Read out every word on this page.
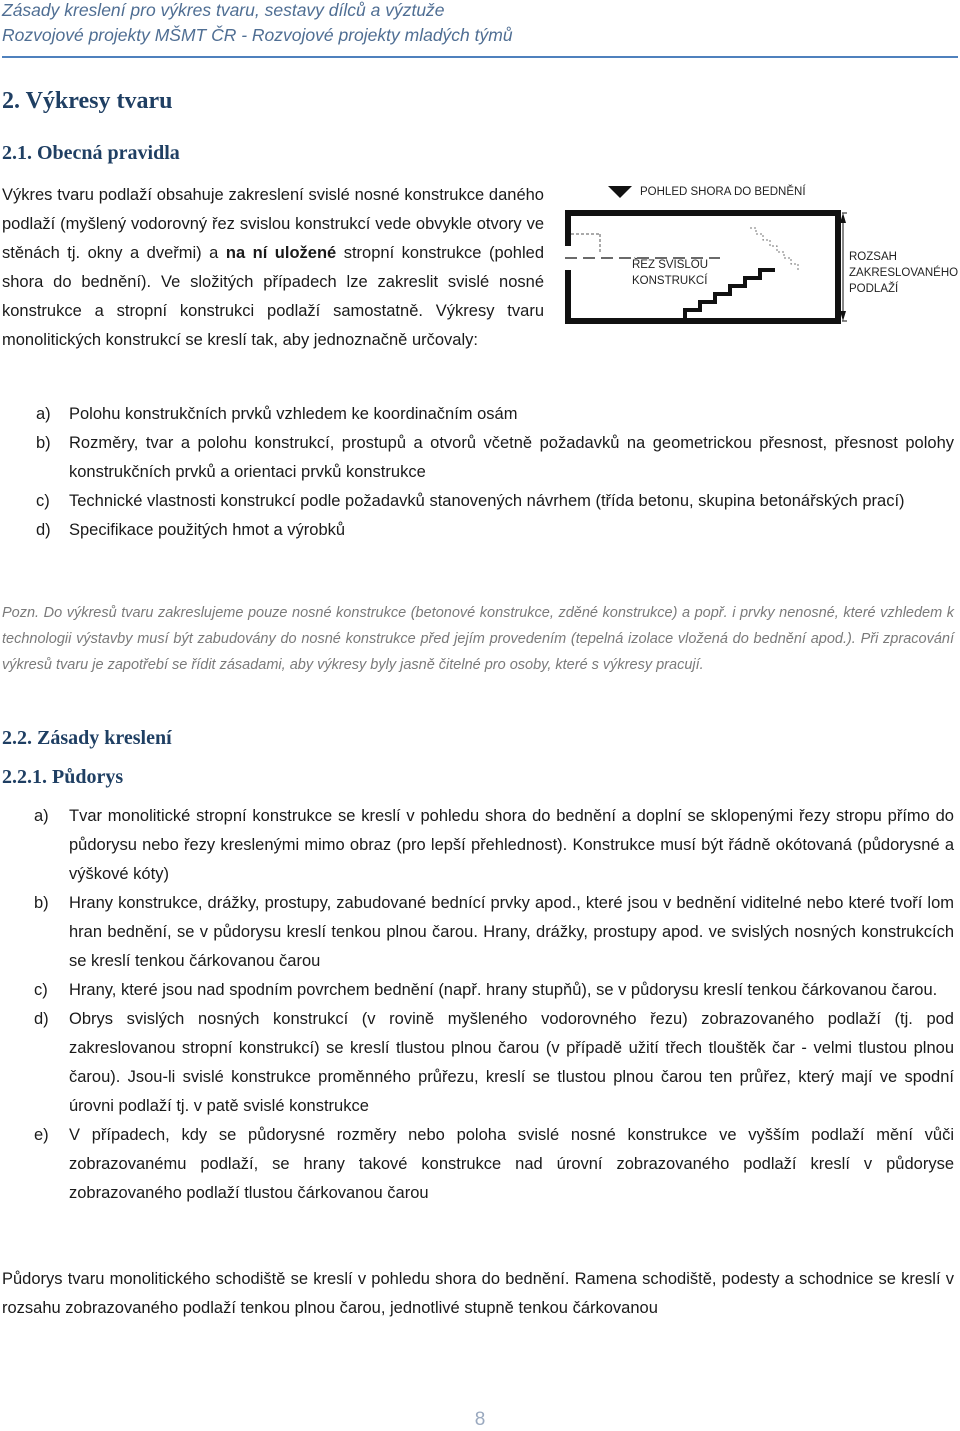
Zásady kreslení pro výkres tvaru, sestavy dílců a výztuže
Rozvojové projekty MŠMT ČR - Rozvojové projekty mladých týmů
2. Výkresy tvaru
2.1. Obecná pravidla
Výkres tvaru podlaží obsahuje zakreslení svislé nosné konstrukce daného podlaží (myšlený vodorovný řez svislou konstrukcí vede obvykle otvory ve stěnách tj. okny a dveřmi) a na ní uložené stropní konstrukce (pohled shora do bednění). Ve složitých případech lze zakreslit svislé nosné konstrukce a stropní konstrukci podlaží samostatně. Výkresy tvaru monolitických konstrukcí se kreslí tak, aby jednoznačně určovaly:
POHLED SHORA DO BEDNĚNÍ
ŘEZ SVISLOU
KONSTRUKCÍ
ROZSAH
ZAKRESLOVANÉHO
PODLAŽÍ
a) Polohu konstrukčních prvků vzhledem ke koordinačním osám
b) Rozměry, tvar a polohu konstrukcí, prostupů a otvorů včetně požadavků na geometrickou přesnost, přesnost polohy konstrukčních prvků a orientaci prvků konstrukce
c) Technické vlastnosti konstrukcí podle požadavků stanovených návrhem (třída betonu, skupina betonářských prací)
d) Specifikace použitých hmot a výrobků
Pozn. Do výkresů tvaru zakreslujeme pouze nosné konstrukce (betonové konstrukce, zděné konstrukce) a popř. i prvky nenosné, které vzhledem k technologii výstavby musí být zabudovány do nosné konstrukce před jejím provedením (tepelná izolace vložená do bednění apod.). Při zpracování výkresů tvaru je zapotřebí se řídit zásadami, aby výkresy byly jasně čitelné pro osoby, které s výkresy pracují.
2.2. Zásady kreslení
2.2.1. Půdorys
a) Tvar monolitické stropní konstrukce se kreslí v pohledu shora do bednění a doplní se sklopenými řezy stropu přímo do půdorysu nebo řezy kreslenými mimo obraz (pro lepší přehlednost). Konstrukce musí být řádně okótovaná (půdorysné a výškové kóty)
b) Hrany konstrukce, drážky, prostupy, zabudované bednící prvky apod., které jsou v bednění viditelné nebo které tvoří lom hran bednění, se v půdorysu kreslí tenkou plnou čarou. Hrany, drážky, prostupy apod. ve svislých nosných konstrukcích se kreslí tenkou čárkovanou čarou
c) Hrany, které jsou nad spodním povrchem bednění (např. hrany stupňů), se v půdorysu kreslí tenkou čárkovanou čarou.
d) Obrys svislých nosných konstrukcí (v rovině myšleného vodorovného řezu) zobrazovaného podlaží (tj. pod zakreslovanou stropní konstrukcí) se kreslí tlustou plnou čarou (v případě užití třech tlouštěk čar - velmi tlustou plnou čarou). Jsou-li svislé konstrukce proměnného průřezu, kreslí se tlustou plnou čarou ten průřez, který mají ve spodní úrovni podlaží tj. v patě svislé konstrukce
e) V případech, kdy se půdorysné rozměry nebo poloha svislé nosné konstrukce ve vyšším podlaží mění vůči zobrazovanému podlaží, se hrany takové konstrukce nad úrovní zobrazovaného podlaží kreslí v půdoryse zobrazovaného podlaží tlustou čárkovanou čarou
Půdorys tvaru monolitického schodiště se kreslí v pohledu shora do bednění. Ramena schodiště, podesty a schodnice se kreslí v rozsahu zobrazovaného podlaží tenkou plnou čarou, jednotlivé stupně tenkou čárkovanou
8
